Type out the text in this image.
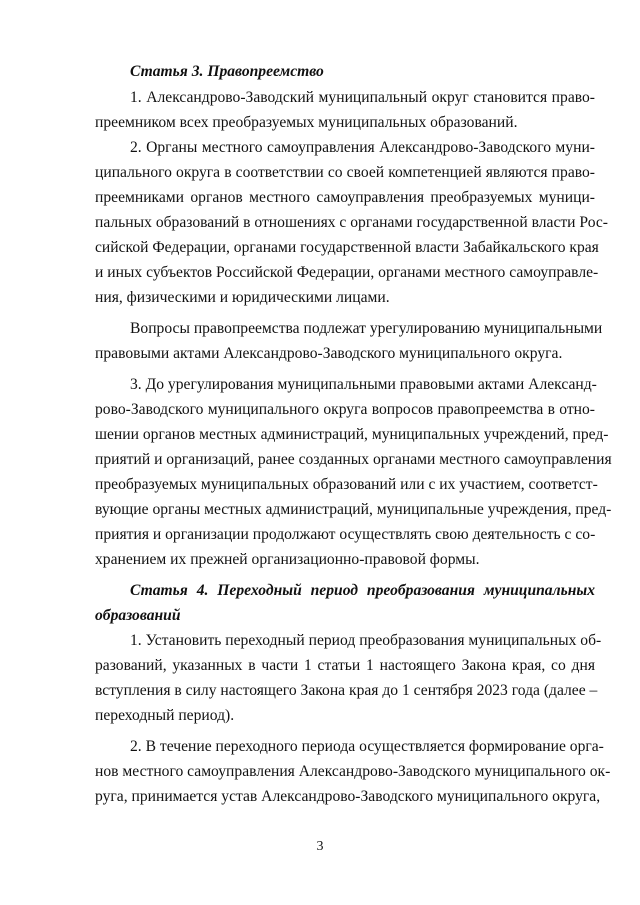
Статья 3. Правопреемство
1. Александрово-Заводский муниципальный округ становится право-
преемником всех преобразуемых муниципальных образований.
2. Органы местного самоуправления Александрово-Заводского муни-
ципального округа в соответствии со своей компетенцией являются право-
преемниками органов местного самоуправления преобразуемых муници-
пальных образований в отношениях с органами государственной власти Рос-
сийской Федерации, органами государственной власти Забайкальского края
и иных субъектов Российской Федерации, органами местного самоуправле-
ния, физическими и юридическими лицами.
Вопросы правопреемства подлежат урегулированию муниципальными
правовыми актами Александрово-Заводского муниципального округа.
3. До урегулирования муниципальными правовыми актами Александ-
рово-Заводского муниципального округа вопросов правопреемства в отно-
шении органов местных администраций, муниципальных учреждений, пред-
приятий и организаций, ранее созданных органами местного самоуправления
преобразуемых муниципальных образований или с их участием, соответст-
вующие органы местных администраций, муниципальные учреждения, пред-
приятия и организации продолжают осуществлять свою деятельность с со-
хранением их прежней организационно-правовой формы.
Статья 4. Переходный период преобразования муниципальных
образований
1. Установить переходный период преобразования муниципальных об-
разований, указанных в части 1 статьи 1 настоящего Закона края, со дня
вступления в силу настоящего Закона края до 1 сентября 2023 года (далее –
переходный период).
2. В течение переходного периода осуществляется формирование орга-
нов местного самоуправления Александрово-Заводского муниципального ок-
руга, принимается устав Александрово-Заводского муниципального округа,
3
